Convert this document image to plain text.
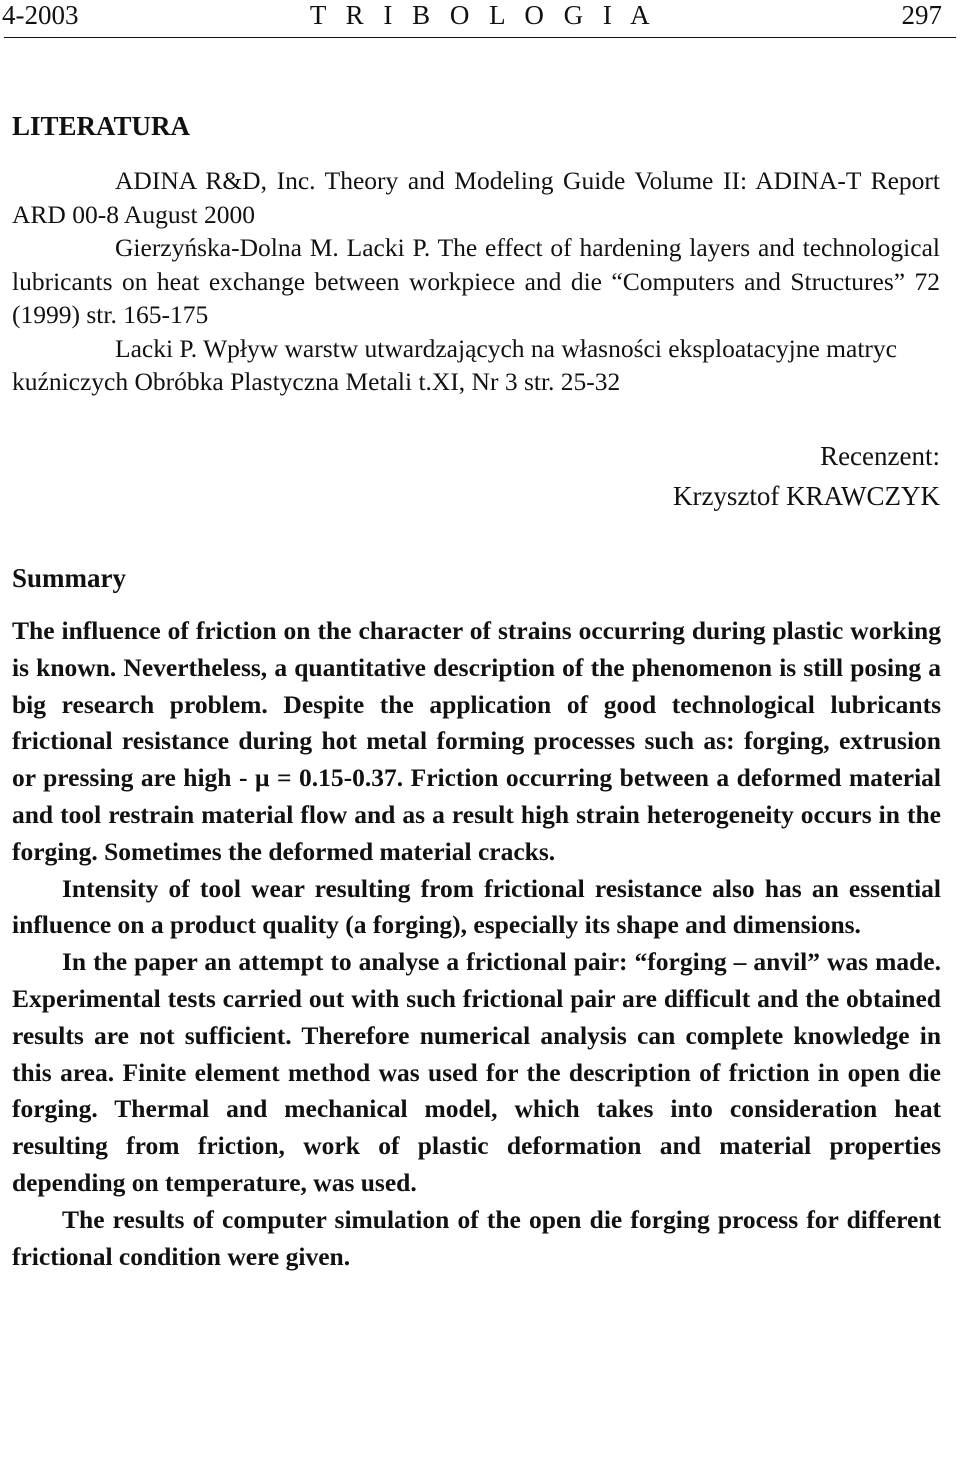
4-2003	T R I B O L O G I A	297
LITERATURA

ADINA R&D, Inc. Theory and Modeling Guide Volume II: ADINA-T Report ARD 00-8 August 2000

Gierzyńska-Dolna M. Lacki P. The effect of hardening layers and technological lubricants on heat exchange between workpiece and die “Computers and Structures” 72 (1999) str. 165-175

Lacki P. Wpływ warstw utwardzających na własności eksploatacyjne matryc kuźniczych Obróbka Plastyczna Metali t.XI, Nr 3 str. 25-32

Recenzent:
Krzysztof KRAWCZYK
Summary

The influence of friction on the character of strains occurring during plastic working is known. Nevertheless, a quantitative description of the phenomenon is still posing a big research problem. Despite the application of good technological lubricants frictional resistance during hot metal forming processes such as: forging, extrusion or pressing are high - μ = 0.15-0.37. Friction occurring between a deformed material and tool restrain material flow and as a result high strain heterogeneity occurs in the forging. Sometimes the deformed material cracks.

Intensity of tool wear resulting from frictional resistance also has an essential influence on a product quality (a forging), especially its shape and dimensions.

In the paper an attempt to analyse a frictional pair: “forging – anvil” was made. Experimental tests carried out with such frictional pair are difficult and the obtained results are not sufficient. Therefore numerical analysis can complete knowledge in this area. Finite element method was used for the description of friction in open die forging. Thermal and mechanical model, which takes into consideration heat resulting from friction, work of plastic deformation and material properties depending on temperature, was used.

The results of computer simulation of the open die forging process for different frictional condition were given.
